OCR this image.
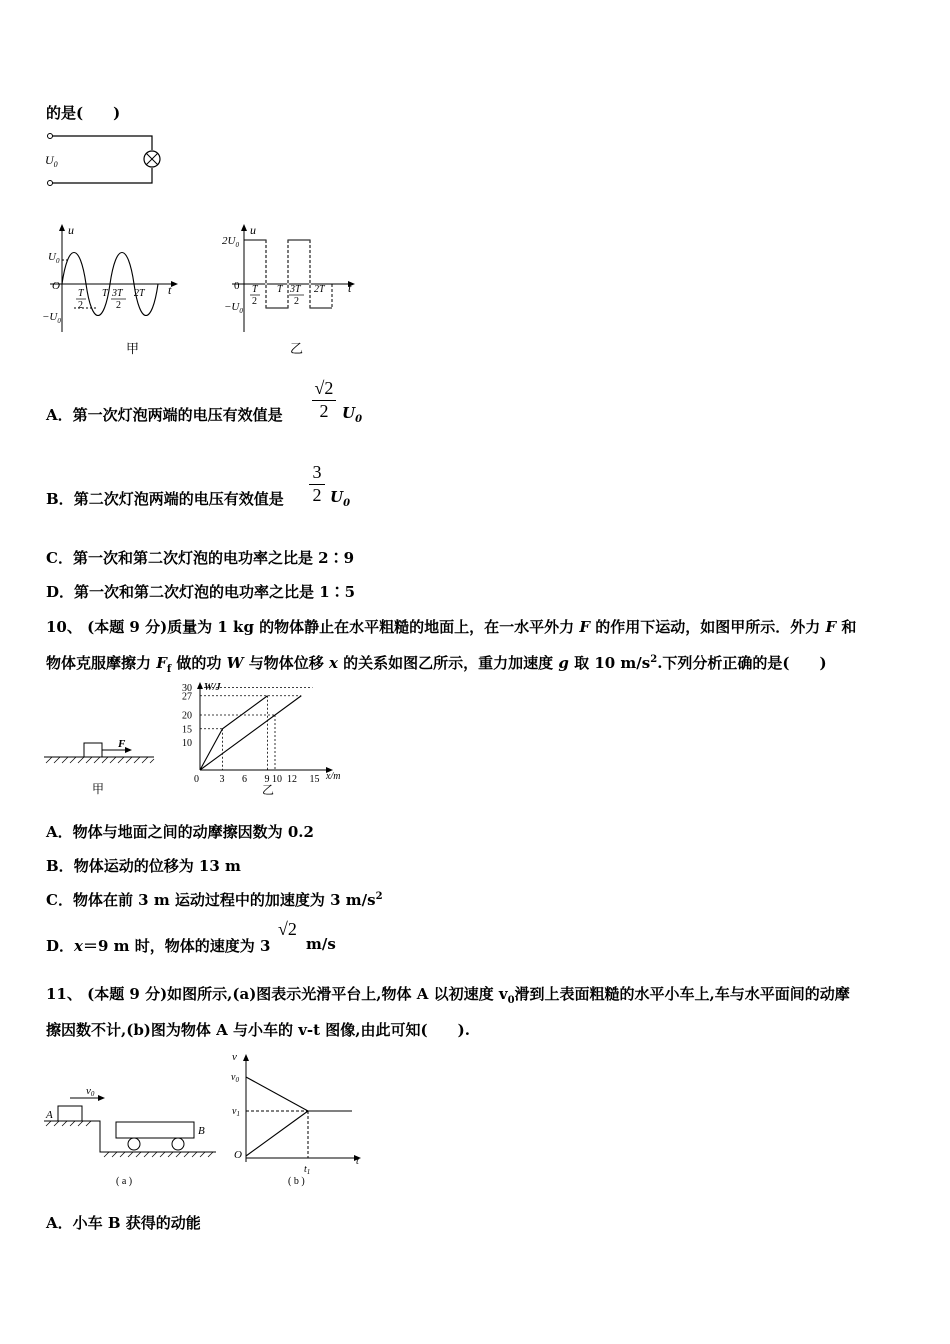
的是(　　)
$U_0$
u
t
$U_0$
O
$-U_0$
T
2
T 3T
2
2T
甲
u
t
$2U_0$
0
$-U_0$
T
2
T 3T
2
2T
乙
A．第一次灯泡两端的电压有效值是 $\frac{√2}{2} U_0$
B．第二次灯泡两端的电压有效值是 $\frac{3}{2} U_0$
C．第一次和第二次灯泡的电功率之比是 2∶9
D．第一次和第二次灯泡的电功率之比是 1∶5
10、 (本题 9 分)质量为 1 kg 的物体静止在水平粗糙的地面上，在一水平外力 F 的作用下运动，如图甲所示．外力 F 和
物体克服摩擦力 $F_f$ 做的功 W 与物体位移 x 的关系如图乙所示，重力加速度 g 取 10 $m/s^2$.下列分析正确的是(　　)
F
甲
W/J
x/m
30
27
20
15
10
0 3 6 9 10 12 15
乙
A．物体与地面之间的动摩擦因数为 0.2
B．物体运动的位移为 13 m
C．物体在前 3 m 运动过程中的加速度为 3 $m/s^2$
D．x＝9 m 时，物体的速度为 3
√2
m/s
11、 (本题 9 分)如图所示,(a)图表示光滑平台上,物体 A 以初速度 $v_0$滑到上表面粗糙的水平小车上,车与水平面间的动摩
擦因数不计,(b)图为物体 A 与小车的 v-t 图像,由此可知(　　).
v0
A
B
( a )
v
$v_0$
$v_1$
O
$t_1$
t
( b )
A．小车 B 获得的动能
